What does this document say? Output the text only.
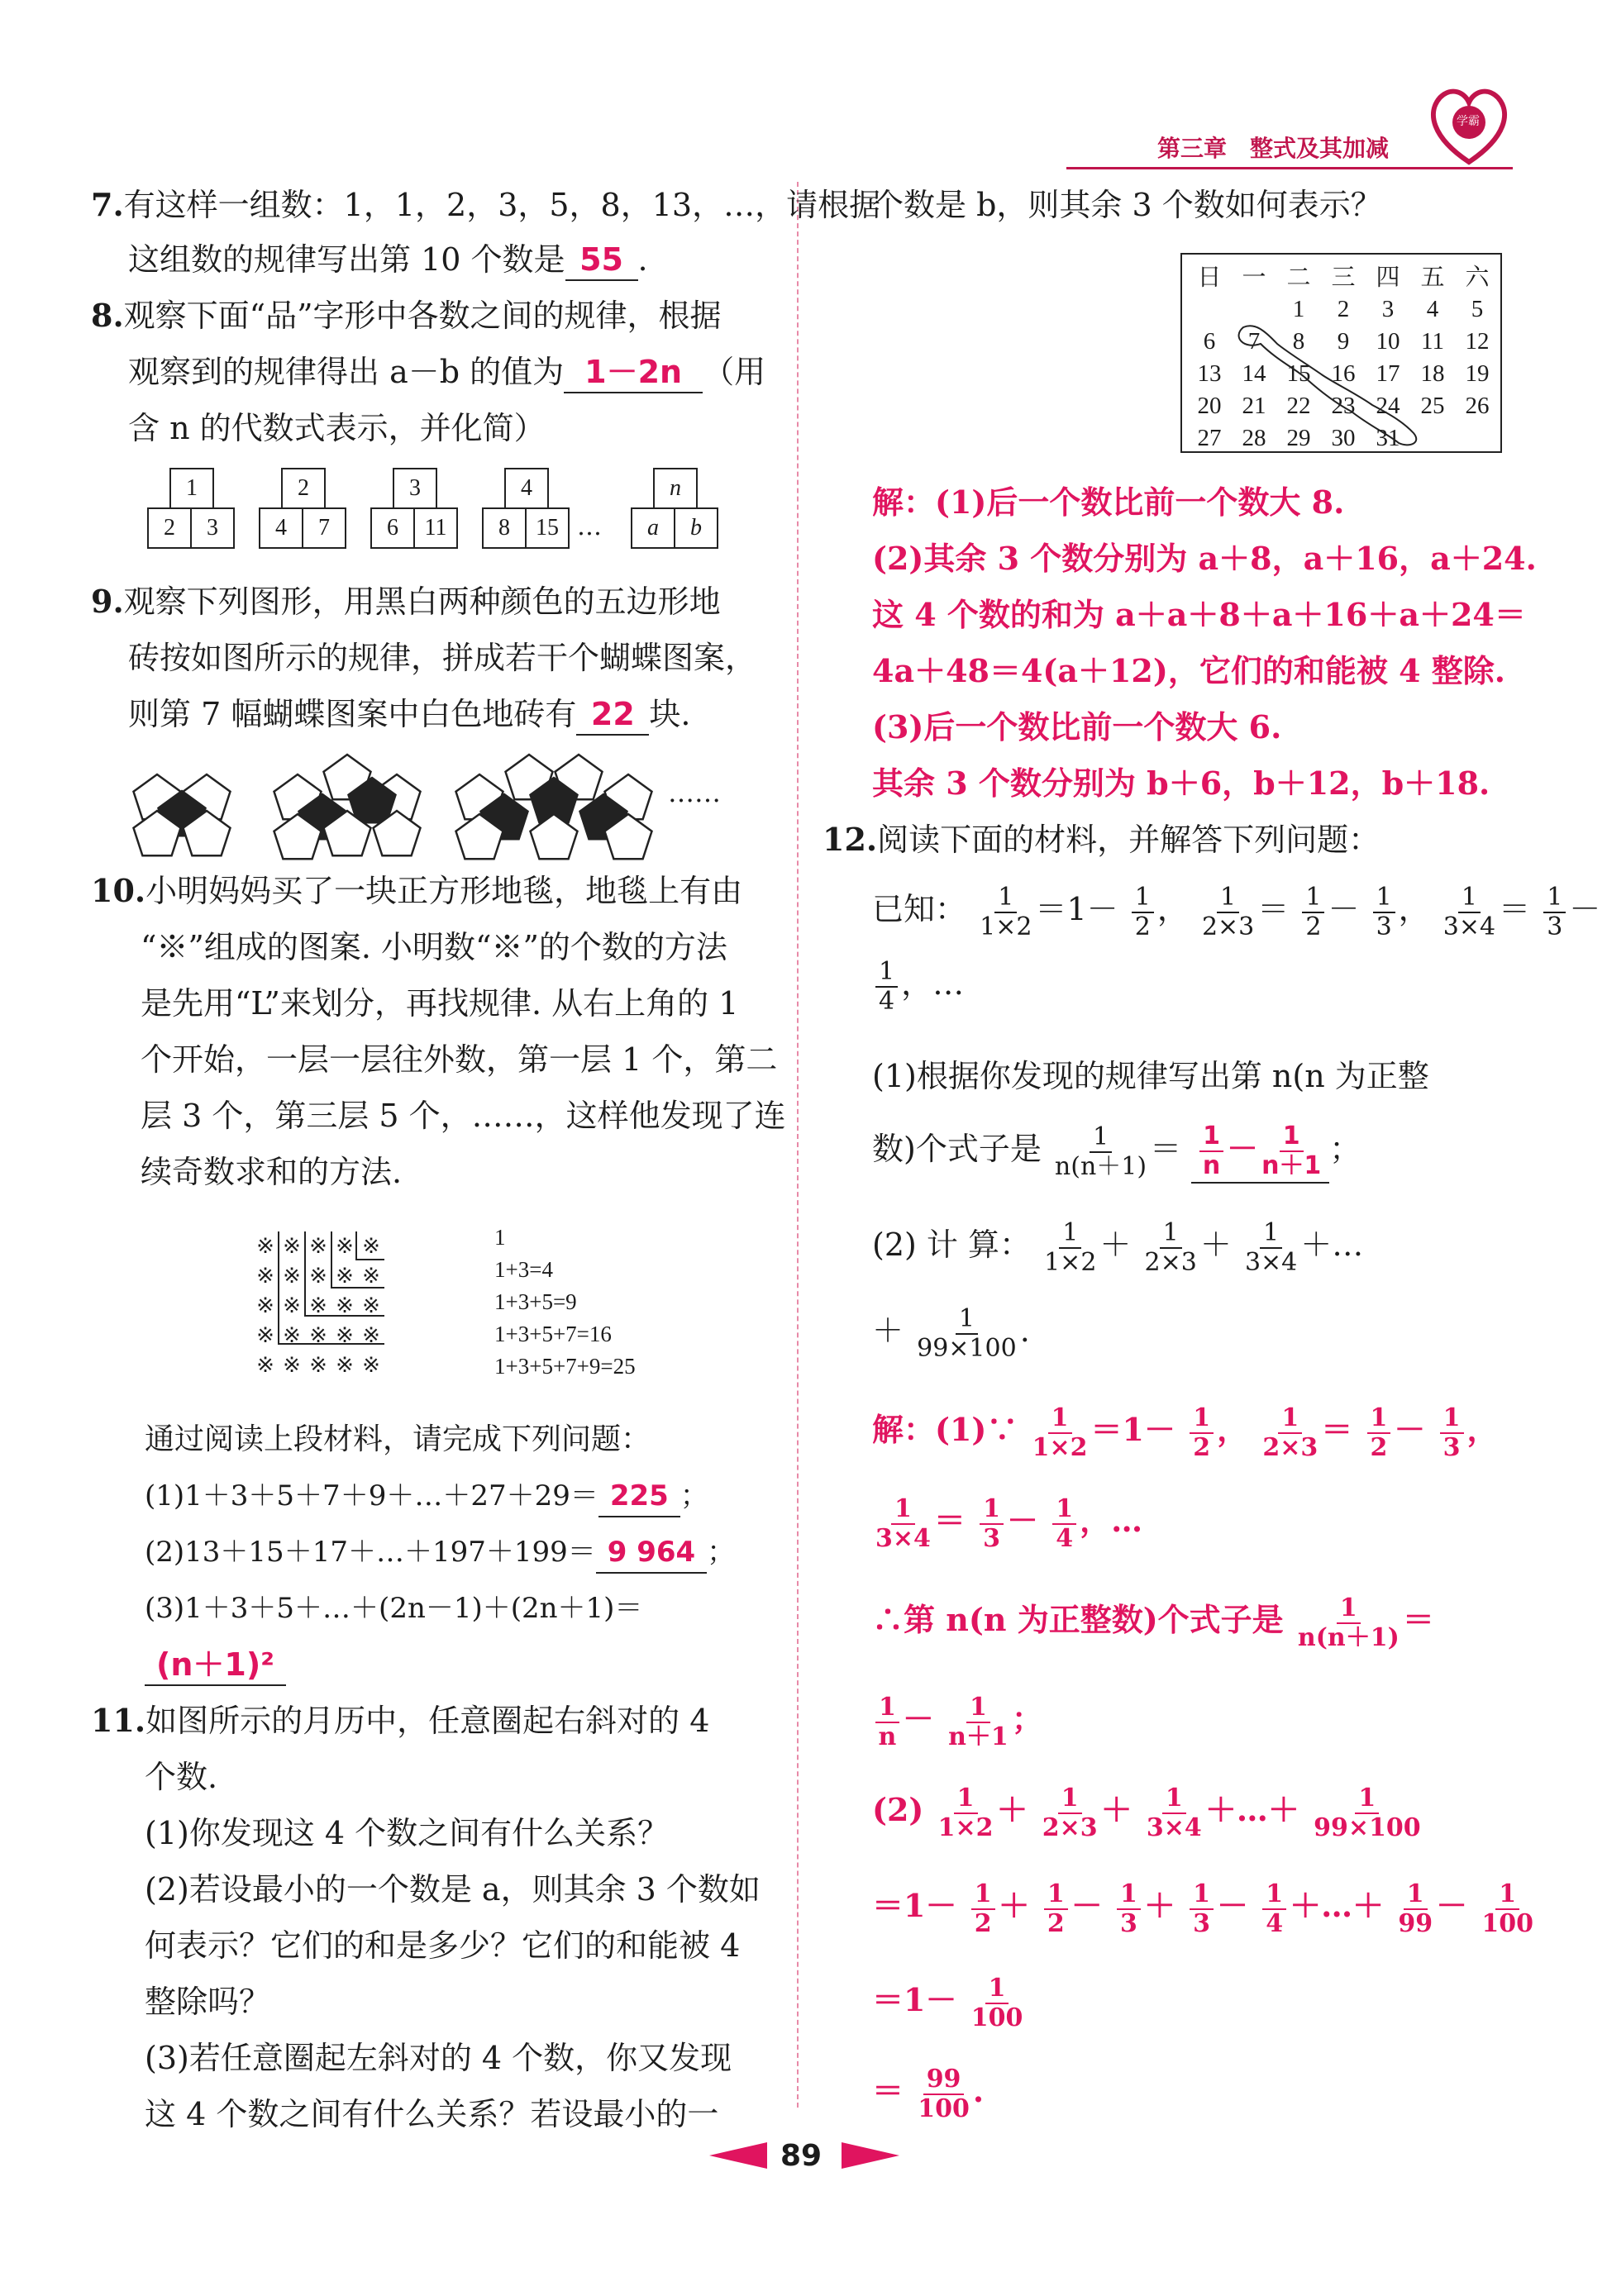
第三章　整式及其加减
学霸
7.有这样一组数：1，1，2，3，5，8，13，…，请根据
这组数的规律写出第 10 个数是 55 .
8.观察下面“品”字形中各数之间的规律，根据
观察到的规律得出 a－b 的值为 1－2n （用
含 n 的代数式表示，并化简）
1
2	3
2
4	7
3
6	11
4
8	15 …
n
a	b
9.观察下列图形，用黑白两种颜色的五边形地
砖按如图所示的规律，拼成若干个蝴蝶图案，
则第 7 幅蝴蝶图案中白色地砖有 22 块.
……
10.小明妈妈买了一块正方形地毯，地毯上有由
“※”组成的图案. 小明数“※”的个数的方法
是先用“L”来划分，再找规律. 从右上角的 1
个开始，一层一层往外数，第一层 1 个，第二
层 3 个，第三层 5 个，……，这样他发现了连
续奇数求和的方法.
※	※	※	※	※
※	※	※	※	※
※	※	※	※	※
※	※	※	※	※
※	※	※	※	※
1
1+3=4
1+3+5=9
1+3+5+7=16
1+3+5+7+9=25
通过阅读上段材料，请完成下列问题：
(1)1＋3＋5＋7＋9＋…＋27＋29＝ 225 ；
(2)13＋15＋17＋…＋197＋199＝ 9 964 ；
(3)1＋3＋5＋…＋(2n－1)＋(2n＋1)＝
(n＋1)²
11.如图所示的月历中，任意圈起右斜对的 4
个数.
(1)你发现这 4 个数之间有什么关系？
(2)若设最小的一个数是 a，则其余 3 个数如
何表示？它们的和是多少？它们的和能被 4
整除吗？
(3)若任意圈起左斜对的 4 个数，你又发现
这 4 个数之间有什么关系？若设最小的一
个数是 b，则其余 3 个数如何表示？
日	一	二	三	四	五	六
		1	2	3	4	5
6	7	8	9	10	11	12
13	14	15	16	17	18	19
20	21	22	23	24	25	26
27	28	29	30	31		
解：(1)后一个数比前一个数大 8.
(2)其余 3 个数分别为 a＋8，a＋16，a＋24.
这 4 个数的和为 a＋a＋8＋a＋16＋a＋24＝
4a＋48＝4(a＋12)，它们的和能被 4 整除.
(3)后一个数比前一个数大 6.
其余 3 个数分别为 b＋6，b＋12，b＋18.
12.阅读下面的材料，并解答下列问题：
已知： $\frac{1}{1\times 2} =1- \frac{1}{2}$ ， $\frac{1}{2\times 3} = \frac{1}{2} - \frac{1}{3}$ ， $\frac{1}{3\times 4} = \frac{1}{3}$ －
$\frac{1}{4}$ ，…
(1)根据你发现的规律写出第 n(n 为正整
数)个式子是 $\frac{1}{n(n+1)} = \frac{1}{n} - \frac{1}{n+1}$ ；
(2) 计 算： $\frac{1}{1\times 2} + \frac{1}{2\times 3} + \frac{1}{3\times 4}$ ＋…
＋ $\frac{1}{99\times 100}$ .
解：(1)∵ $\frac{1}{1\times 2} =1- \frac{1}{2}$ ， $\frac{1}{2\times 3} = \frac{1}{2} - \frac{1}{3}$ ，
$\frac{1}{3\times 4} = \frac{1}{3} - \frac{1}{4}$ ，…
∴第 n(n 为正整数)个式子是 $\frac{1}{n(n+1)}$ ＝
$\frac{1}{n} - \frac{1}{n+1}$ ；
$(2) \frac{1}{1\times 2} + \frac{1}{2\times 3} + \frac{1}{3\times 4}$ ＋…＋ $\frac{1}{99\times 100}$
$=1- \frac{1}{2} + \frac{1}{2} - \frac{1}{3} + \frac{1}{3} - \frac{1}{4}$ ＋…＋ $\frac{1}{99} - \frac{1}{100}$
$=1- \frac{1}{100}$
＝ $\frac{99}{100}$ .
89
